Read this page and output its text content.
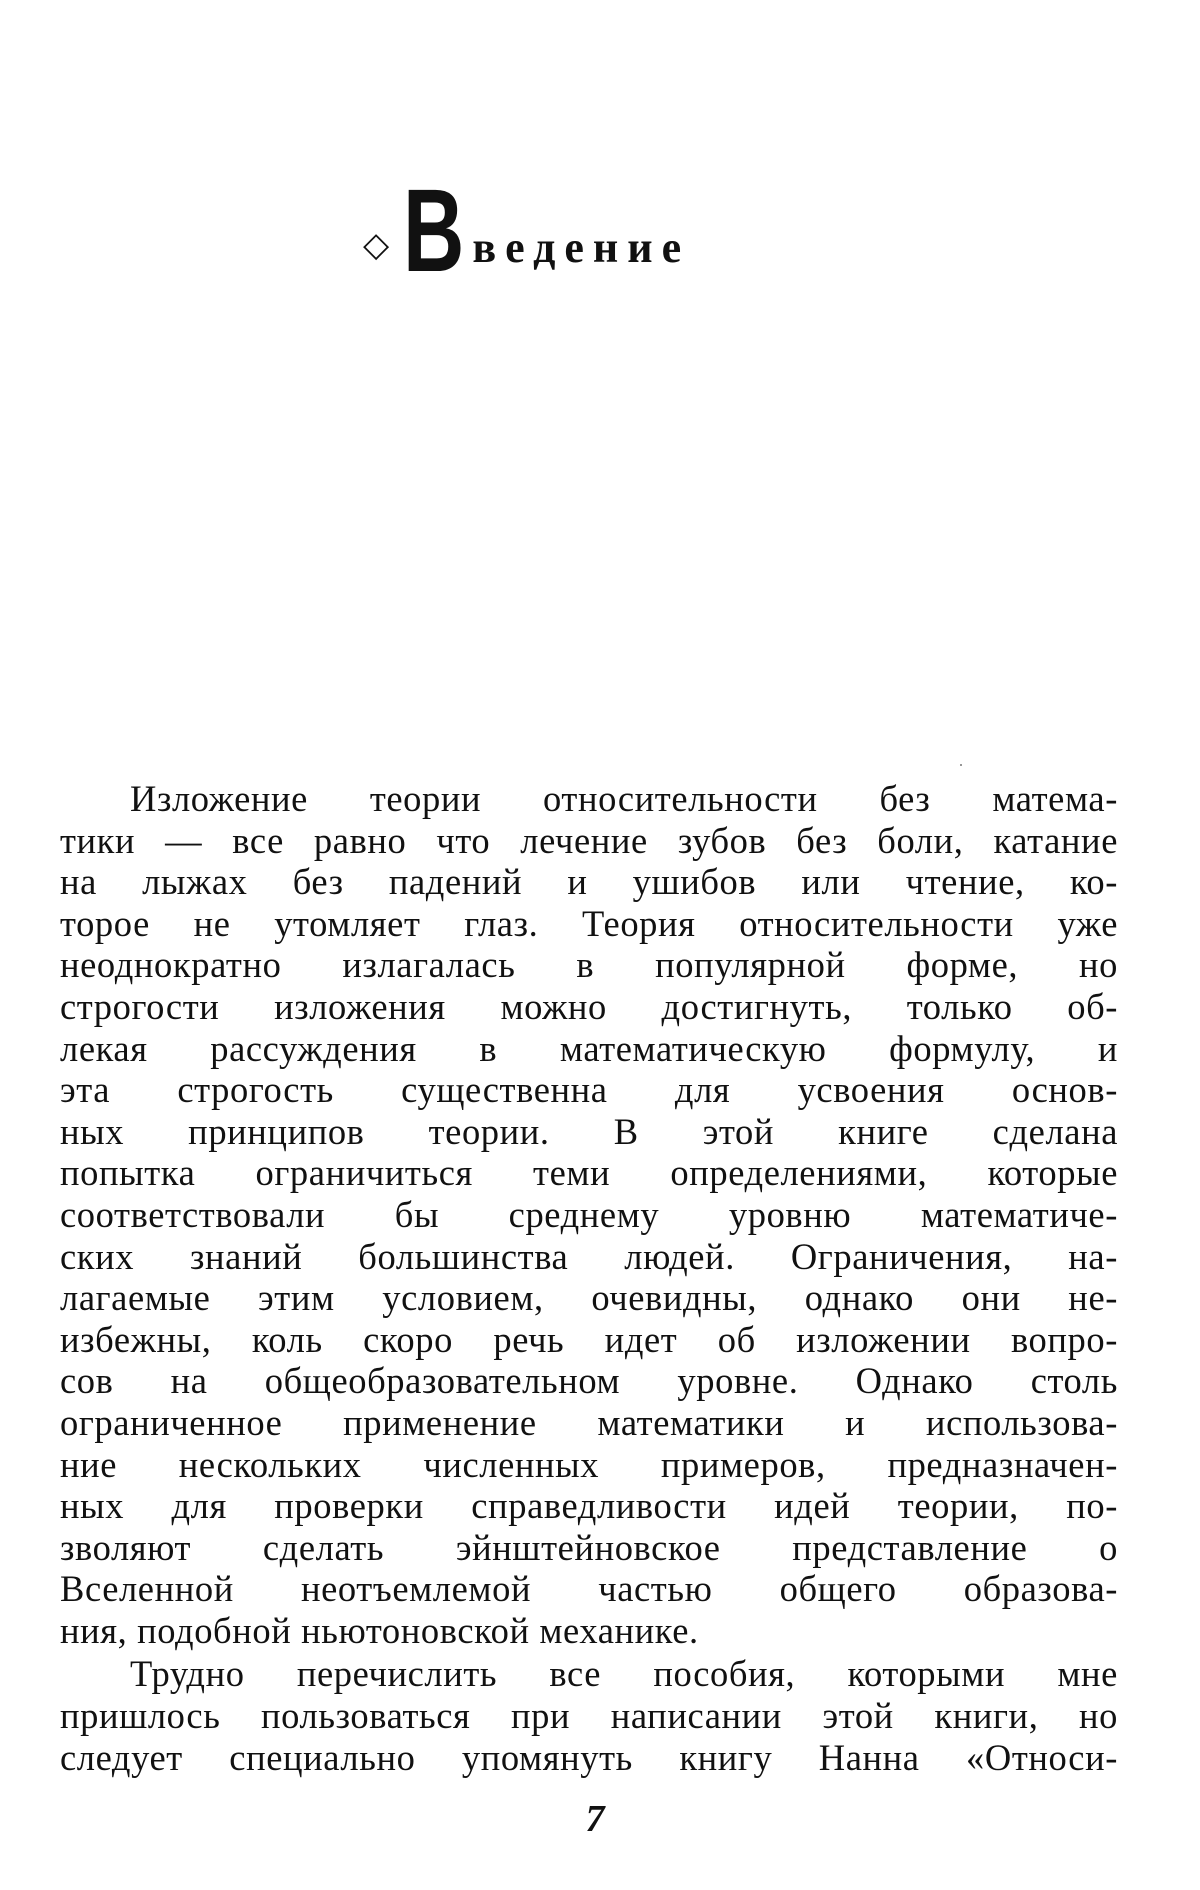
◇ В ведение
Изложение теории относительности без матема-
тики — все равно что лечение зубов без боли, катание
на лыжах без падений и ушибов или чтение, ко-
торое не утомляет глаз. Теория относительности уже
неоднократно излагалась в популярной форме, но
строгости изложения можно достигнуть, только об-
лекая рассуждения в математическую формулу, и
эта строгость существенна для усвоения основ-
ных принципов теории. В этой книге сделана
попытка ограничиться теми определениями, которые
соответствовали бы среднему уровню математиче-
ских знаний большинства людей. Ограничения, на-
лагаемые этим условием, очевидны, однако они не-
избежны, коль скоро речь идет об изложении вопро-
сов на общеобразовательном уровне. Однако столь
ограниченное применение математики и использова-
ние нескольких численных примеров, предназначен-
ных для проверки справедливости идей теории, по-
зволяют сделать эйнштейновское представление о
Вселенной неотъемлемой частью общего образова-
ния, подобной ньютоновской механике.
Трудно перечислить все пособия, которыми мне
пришлось пользоваться при написании этой книги, но
следует специально упомянуть книгу Нанна «Относи-
7
